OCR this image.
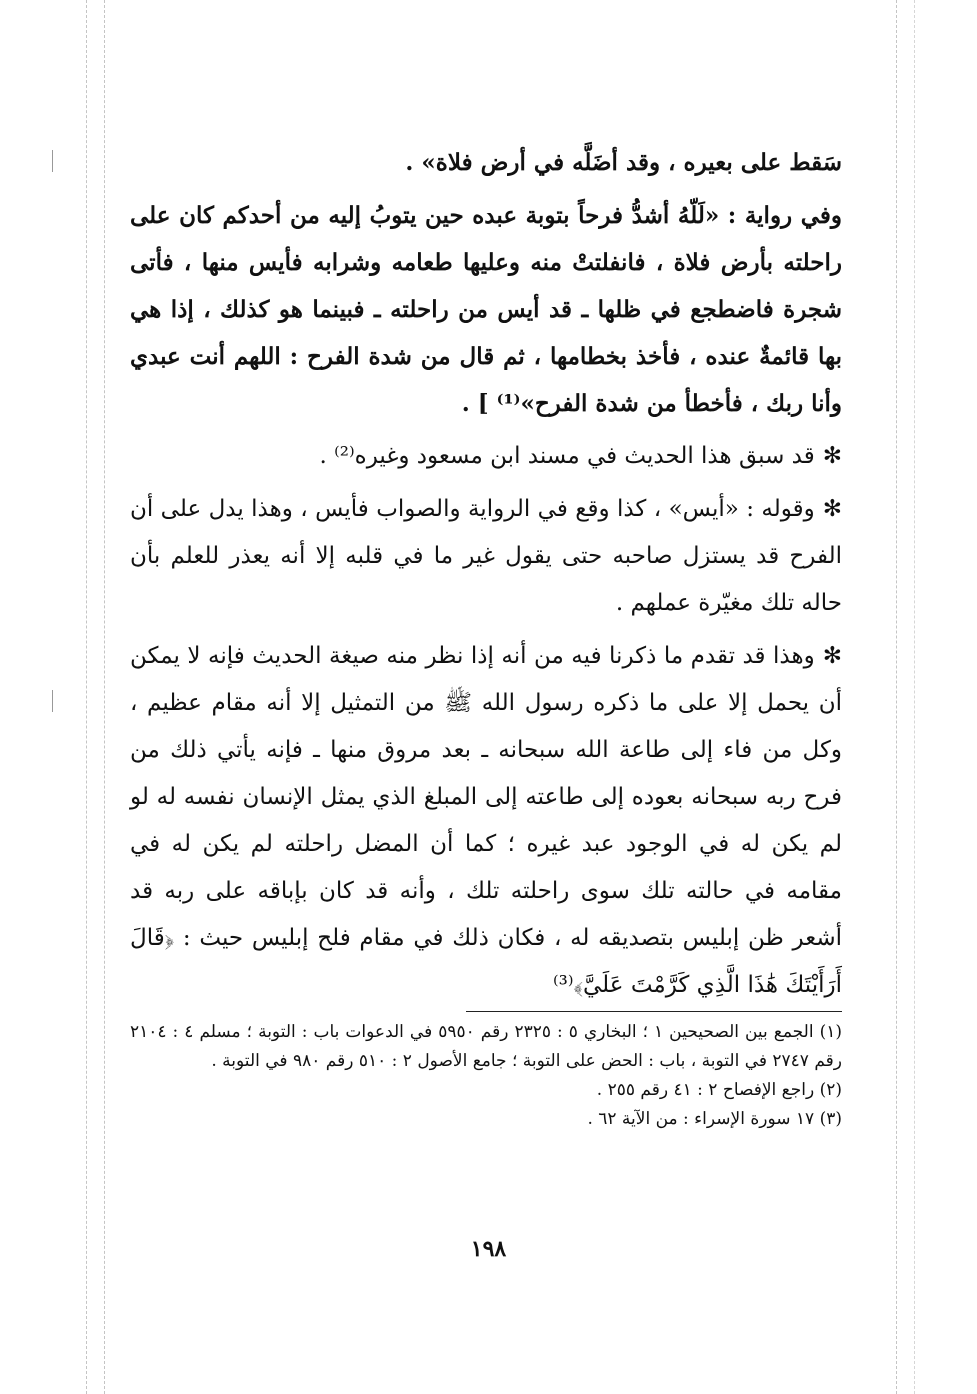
سَقط على بعيره ، وقد أضَلَّه في أرض فلاة» .

وفي رواية : «لَلّهُ أشدُّ فرحاً بتوبة عبده حين يتوبُ إليه من أحدكم كان على راحلته بأرض فلاة ، فانفلتتْ منه وعليها طعامه وشرابه فأيس منها ، فأتى شجرة فاضطجع في ظلها ـ قد أيس من راحلته ـ فبينما هو كذلك ، إذا هي بها قائمةٌ عنده ، فأخذ بخطامها ، ثم قال من شدة الفرح : اللهم أنت عبدي وأنا ربك ، فأخطأ من شدة الفرح»⁽¹⁾ ] .

✻قد سبق هذا الحديث في مسند ابن مسعود وغيره⁽²⁾ .

✻وقوله : «أيس» ، كذا وقع في الرواية والصواب فأيس ، وهذا يدل على أن الفرح قد يستزل صاحبه حتى يقول غير ما في قلبه إلا أنه يعذر للعلم بأن حاله تلك مغيّرة عملهم .

✻وهذا قد تقدم ما ذكرنا فيه من أنه إذا نظر منه صيغة الحديث فإنه لا يمكن أن يحمل إلا على ما ذكره رسول الله ﷺ من التمثيل إلا أنه مقام عظيم ، وكل من فاء إلى طاعة الله سبحانه ـ بعد مروق منها ـ فإنه يأتي ذلك من فرح ربه سبحانه بعوده إلى طاعته إلى المبلغ الذي يمثل الإنسان نفسه له لو لم يكن له في الوجود عبد غيره ؛ كما أن المضل راحلته لم يكن له في مقامه في حالته تلك سوى راحلته تلك ، وأنه قد كان بإباقه على ربه قد أشعر ظن إبليس بتصديقه له ، فكان ذلك في مقام فلح إبليس حيث : ﴿قَالَ أَرَأَيْتَكَ هَٰذَا الَّذِي كَرَّمْتَ عَلَيَّ﴾⁽³⁾

(١) الجمع بين الصحيحين ١ ؛ البخاري ٥ : ٢٣٢٥ رقم ٥٩٥٠ في الدعوات باب : التوبة ؛ مسلم ٤ : ٢١٠٤ رقم ٢٧٤٧ في التوبة ، باب : الحض على التوبة ؛ جامع الأصول ٢ : ٥١٠ رقم ٩٨٠ في التوبة .

(٢) راجع الإفصاح ٢ : ٤١ رقم ٢٥٥ .

(٣) ١٧ سورة الإسراء : من الآية ٦٢ .

١٩٨
